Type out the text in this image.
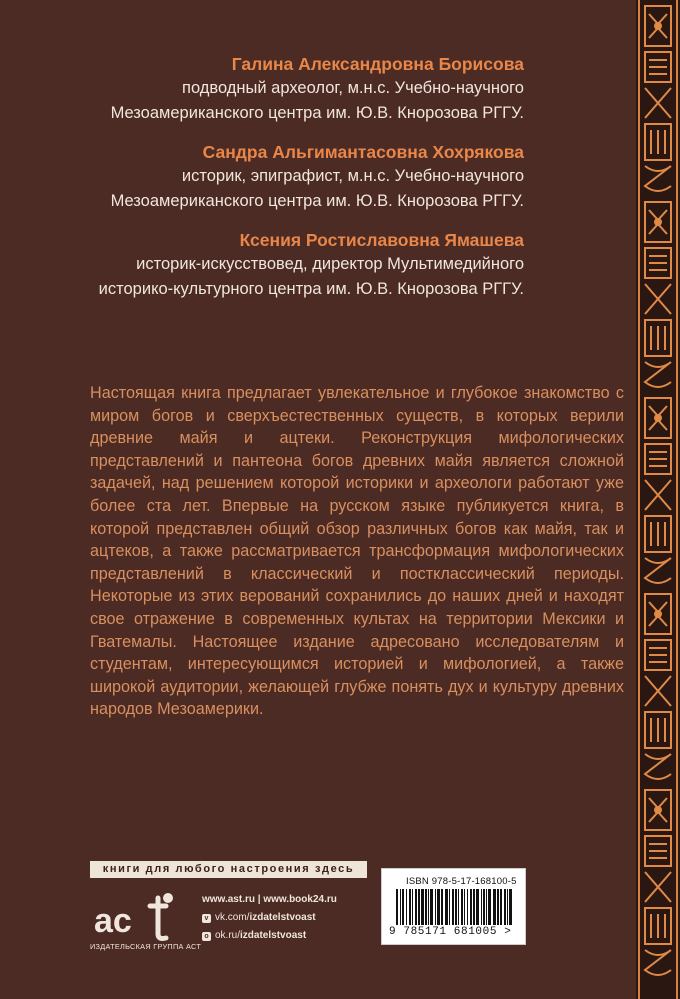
Галина Александровна Борисова
подводный археолог, м.н.с. Учебно-научного
Мезоамериканского центра им. Ю.В. Кнорозова РГГУ.
Сандра Альгимантасовна Хохрякова
историк, эпиграфист, м.н.с. Учебно-научного
Мезоамериканского центра им. Ю.В. Кнорозова РГГУ.
Ксения Ростиславовна Ямашева
историк-искусствовед, директор Мультимедийного
историко-культурного центра им. Ю.В. Кнорозова РГГУ.
Настоящая книга предлагает увлекательное и глубокое знакомство с миром богов и сверхъестественных существ, в которых верили древние майя и ацтеки. Реконструкция мифологических представлений и пантеона богов древних майя является сложной задачей, над решением которой историки и археологи работают уже более ста лет. Впервые на русском языке публикуется книга, в которой представлен общий обзор различных богов как майя, так и ацтеков, а также рассматривается трансформация мифологических представлений в классический и постклассический периоды. Некоторые из этих верований сохранились до наших дней и находят свое отражение в современных культах на территории Мексики и Гватемалы. Настоящее издание адресовано исследователям и студентам, интересующимся историей и мифологией, а также широкой аудитории, желающей глубже понять дух и культуру древних народов Мезоамерики.
книги для любого настроения здесь
ас
ИЗДАТЕЛЬСКАЯ ГРУППА АСТ
www.ast.ru | www.book24.ru
v vk.com/ izdatelstvoast
o ok.ru/ izdatelstvoast
ISBN 978-5-17-168100-5
9 785171 681005 >
